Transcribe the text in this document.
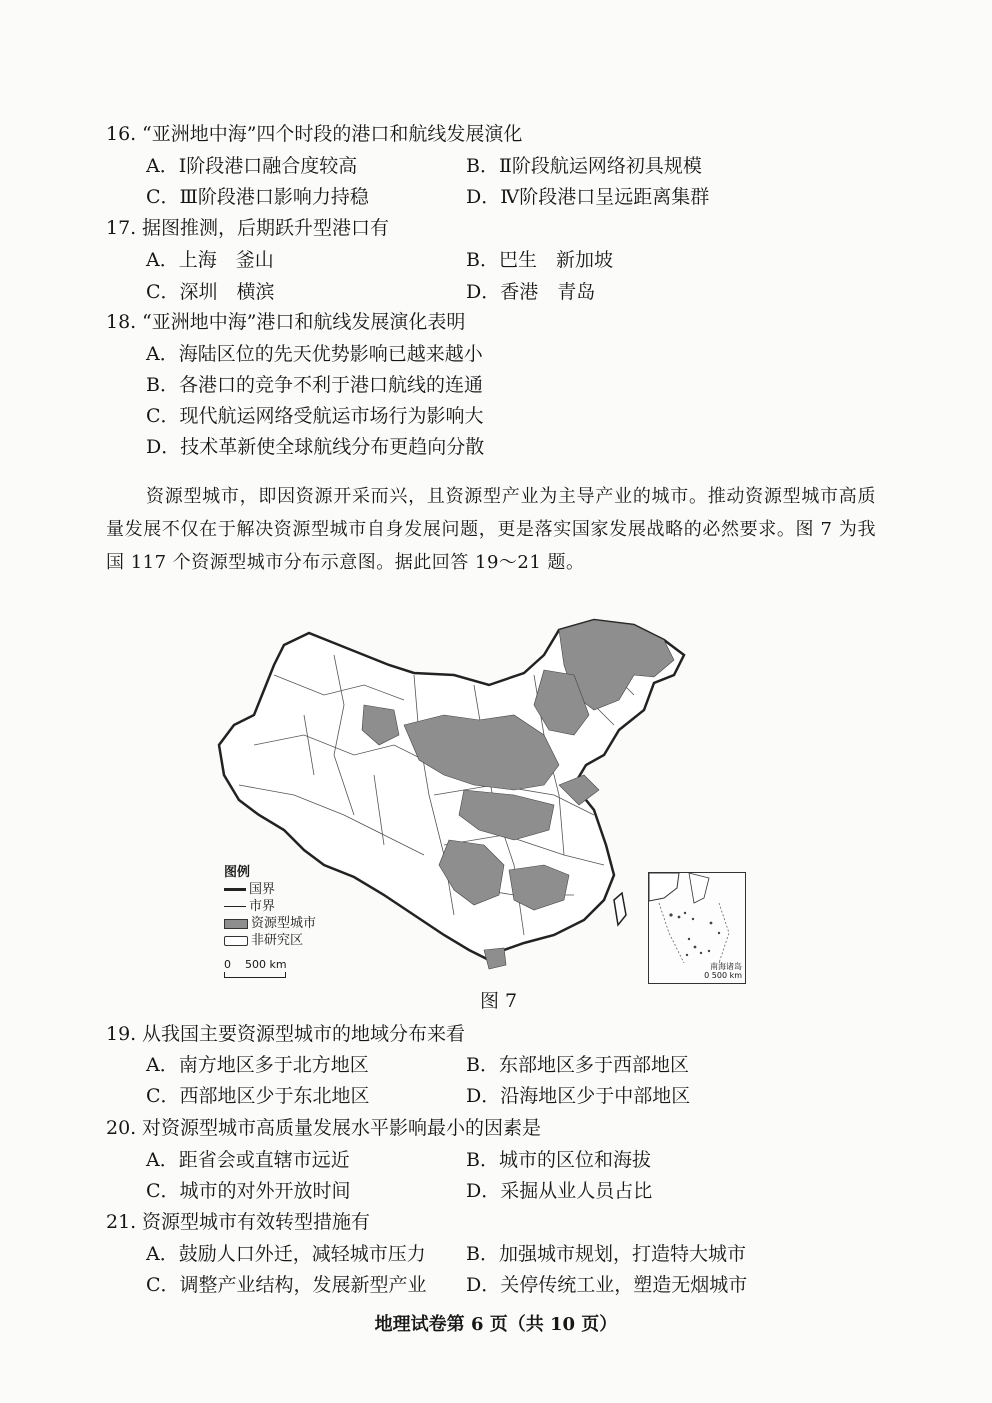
16. “亚洲地中海”四个时段的港口和航线发展演化
A．Ⅰ阶段港口融合度较高	B．Ⅱ阶段航运网络初具规模
C．Ⅲ阶段港口影响力持稳	D．Ⅳ阶段港口呈远距离集群
17. 据图推测，后期跃升型港口有
A．上海　釜山	B．巴生　新加坡
C．深圳　横滨	D．香港　青岛
18. “亚洲地中海”港口和航线发展演化表明
A．海陆区位的先天优势影响已越来越小
B．各港口的竞争不利于港口航线的连通
C．现代航运网络受航运市场行为影响大
D．技术革新使全球航线分布更趋向分散
资源型城市，即因资源开采而兴，且资源型产业为主导产业的城市。推动资源型城市高质量发展不仅在于解决资源型城市自身发展问题，更是落实国家发展战略的必然要求。图 7 为我国 117 个资源型城市分布示意图。据此回答 19～21 题。
图例
国界
市界
资源型城市
非研究区
0 500 km	南海诸岛
0 500 km
图 7
19. 从我国主要资源型城市的地域分布来看
A．南方地区多于北方地区	B．东部地区多于西部地区
C．西部地区少于东北地区	D．沿海地区少于中部地区
20. 对资源型城市高质量发展水平影响最小的因素是
A．距省会或直辖市远近	B．城市的区位和海拔
C．城市的对外开放时间	D．采掘从业人员占比
21. 资源型城市有效转型措施有
A．鼓励人口外迁，减轻城市压力 B．加强城市规划，打造特大城市
C．调整产业结构，发展新型产业 D．关停传统工业，塑造无烟城市
地理试卷第 6 页（共 10 页）
